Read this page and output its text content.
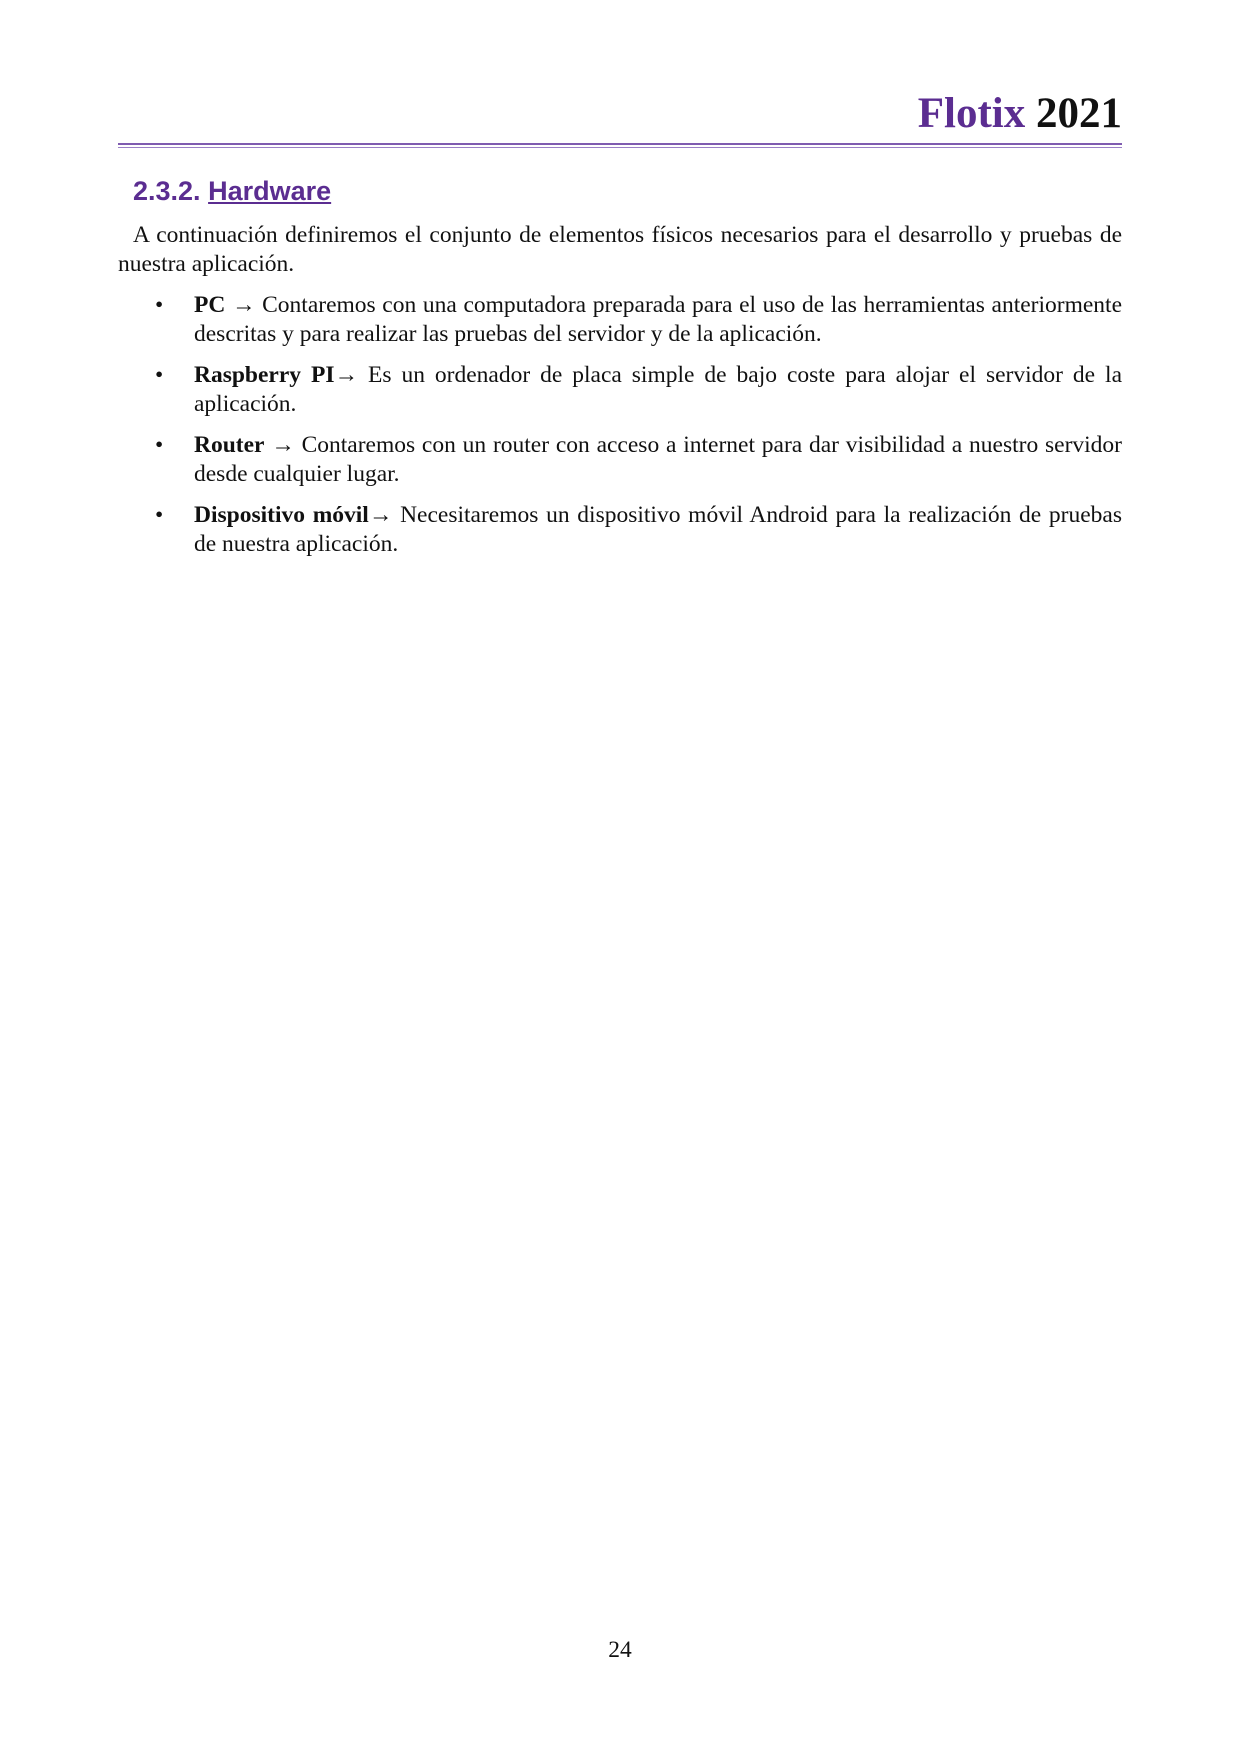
Flotix 2021
2.3.2. Hardware

A continuación definiremos el conjunto de elementos físicos necesarios para el desarrollo y pruebas de nuestra aplicación.

• PC → Contaremos con una computadora preparada para el uso de las herramientas anteriormente descritas y para realizar las pruebas del servidor y de la aplicación.
• Raspberry PI→ Es un ordenador de placa simple de bajo coste para alojar el servidor de la aplicación.
• Router → Contaremos con un router con acceso a internet para dar visibilidad a nuestro servidor desde cualquier lugar.
• Dispositivo móvil→ Necesitaremos un dispositivo móvil Android para la realización de pruebas de nuestra aplicación.
24
